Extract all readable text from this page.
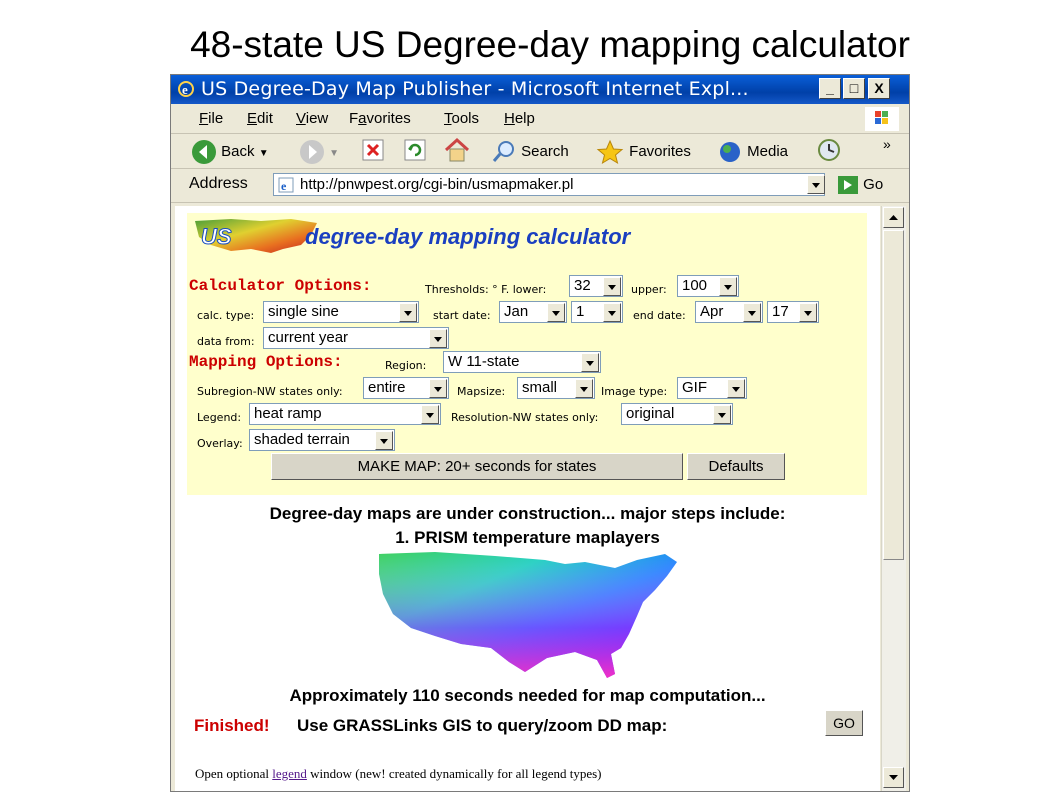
48-state US Degree-day mapping calculator
e US Degree-Day Map Publisher - Microsoft Internet Expl...	_	□	X
File Edit View Favorites Tools Help
Back ▼	▼	Search	Favorites	Media	»
Address	e http://pnwpest.org/cgi-bin/usmapmaker.pl	Go
US	degree-day mapping calculator
Calculator Options:	Thresholds: ° F. lower: 32	upper: 100
calc. type: single sine	start date: Jan	1	end date: Apr	17
data from: current year
Mapping Options:	Region: W 11-state
Subregion-NW states only: entire	Mapsize: small	Image type: GIF
Legend: heat ramp	Resolution-NW states only: original
Overlay: shaded terrain
MAKE MAP: 20+ seconds for states	Defaults
Degree-day maps are under construction... major steps include:
1. PRISM temperature maplayers
Approximately 110 seconds needed for map computation...
Finished! Use GRASSLinks GIS to query/zoom DD map:	GO
Open optional legend window (new! created dynamically for all legend types)
